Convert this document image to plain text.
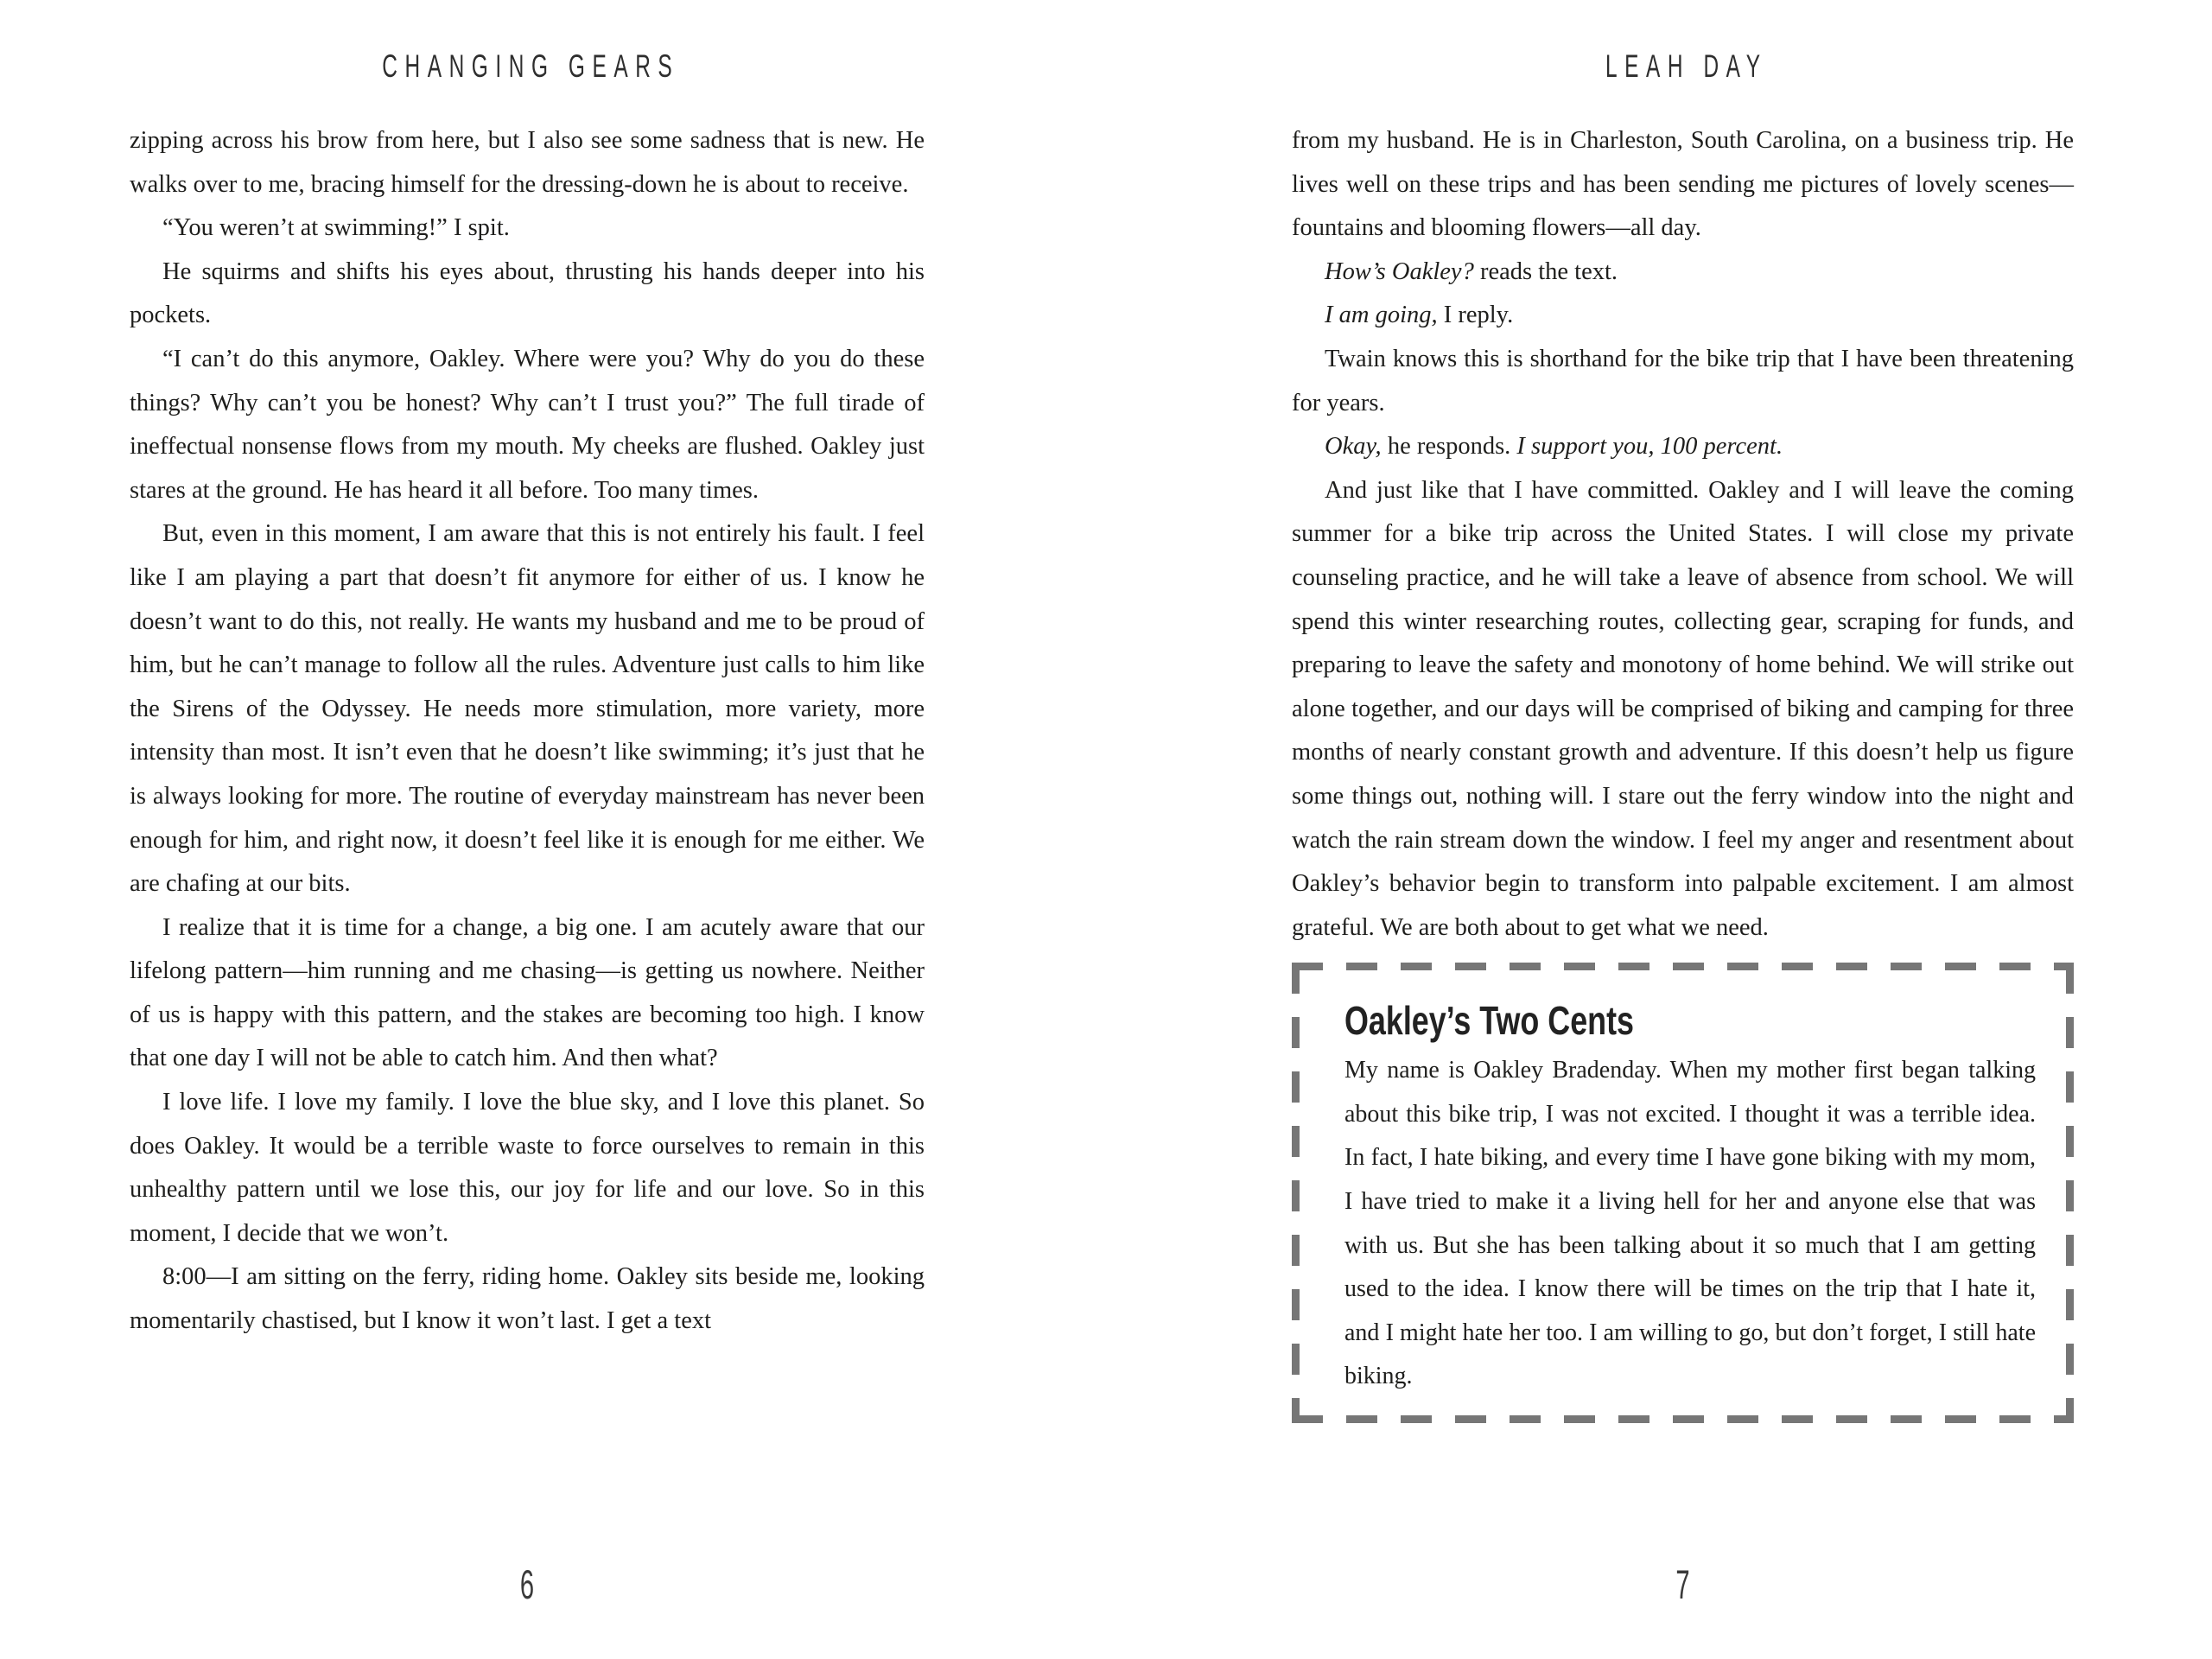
CHANGING GEARS

zipping across his brow from here, but I also see some sadness that is new. He walks over to me, bracing himself for the dressing-down he is about to receive.

“You weren’t at swimming!” I spit.

He squirms and shifts his eyes about, thrusting his hands deeper into his pockets.

“I can’t do this anymore, Oakley. Where were you? Why do you do these things? Why can’t you be honest? Why can’t I trust you?” The full tirade of ineffectual nonsense flows from my mouth. My cheeks are flushed. Oakley just stares at the ground. He has heard it all before. Too many times.

But, even in this moment, I am aware that this is not entirely his fault. I feel like I am playing a part that doesn’t fit anymore for either of us. I know he doesn’t want to do this, not really. He wants my husband and me to be proud of him, but he can’t manage to follow all the rules. Adventure just calls to him like the Sirens of the Odyssey. He needs more stimulation, more variety, more intensity than most. It isn’t even that he doesn’t like swimming; it’s just that he is always looking for more. The routine of everyday mainstream has never been enough for him, and right now, it doesn’t feel like it is enough for me either. We are chafing at our bits.

I realize that it is time for a change, a big one. I am acutely aware that our lifelong pattern—him running and me chasing—is getting us nowhere. Neither of us is happy with this pattern, and the stakes are becoming too high. I know that one day I will not be able to catch him. And then what?

I love life. I love my family. I love the blue sky, and I love this planet. So does Oakley. It would be a terrible waste to force ourselves to remain in this unhealthy pattern until we lose this, our joy for life and our love. So in this moment, I decide that we won’t.

8:00—I am sitting on the ferry, riding home. Oakley sits beside me, looking momentarily chastised, but I know it won’t last. I get a text

6
LEAH DAY

from my husband. He is in Charleston, South Carolina, on a business trip. He lives well on these trips and has been sending me pictures of lovely scenes—fountains and blooming flowers—all day.

How’s Oakley? reads the text.

I am going, I reply.

Twain knows this is shorthand for the bike trip that I have been threatening for years.

Okay, he responds. I support you, 100 percent.

And just like that I have committed. Oakley and I will leave the coming summer for a bike trip across the United States. I will close my private counseling practice, and he will take a leave of absence from school. We will spend this winter researching routes, collecting gear, scraping for funds, and preparing to leave the safety and monotony of home behind. We will strike out alone together, and our days will be comprised of biking and camping for three months of nearly constant growth and adventure. If this doesn’t help us figure some things out, nothing will. I stare out the ferry window into the night and watch the rain stream down the window. I feel my anger and resentment about Oakley’s behavior begin to transform into palpable excitement. I am almost grateful. We are both about to get what we need.

Oakley’s Two Cents

My name is Oakley Bradenday. When my mother first began talking about this bike trip, I was not excited. I thought it was a terrible idea. In fact, I hate biking, and every time I have gone biking with my mom, I have tried to make it a living hell for her and anyone else that was with us. But she has been talking about it so much that I am getting used to the idea. I know there will be times on the trip that I hate it, and I might hate her too. I am willing to go, but don’t forget, I still hate biking.

7
